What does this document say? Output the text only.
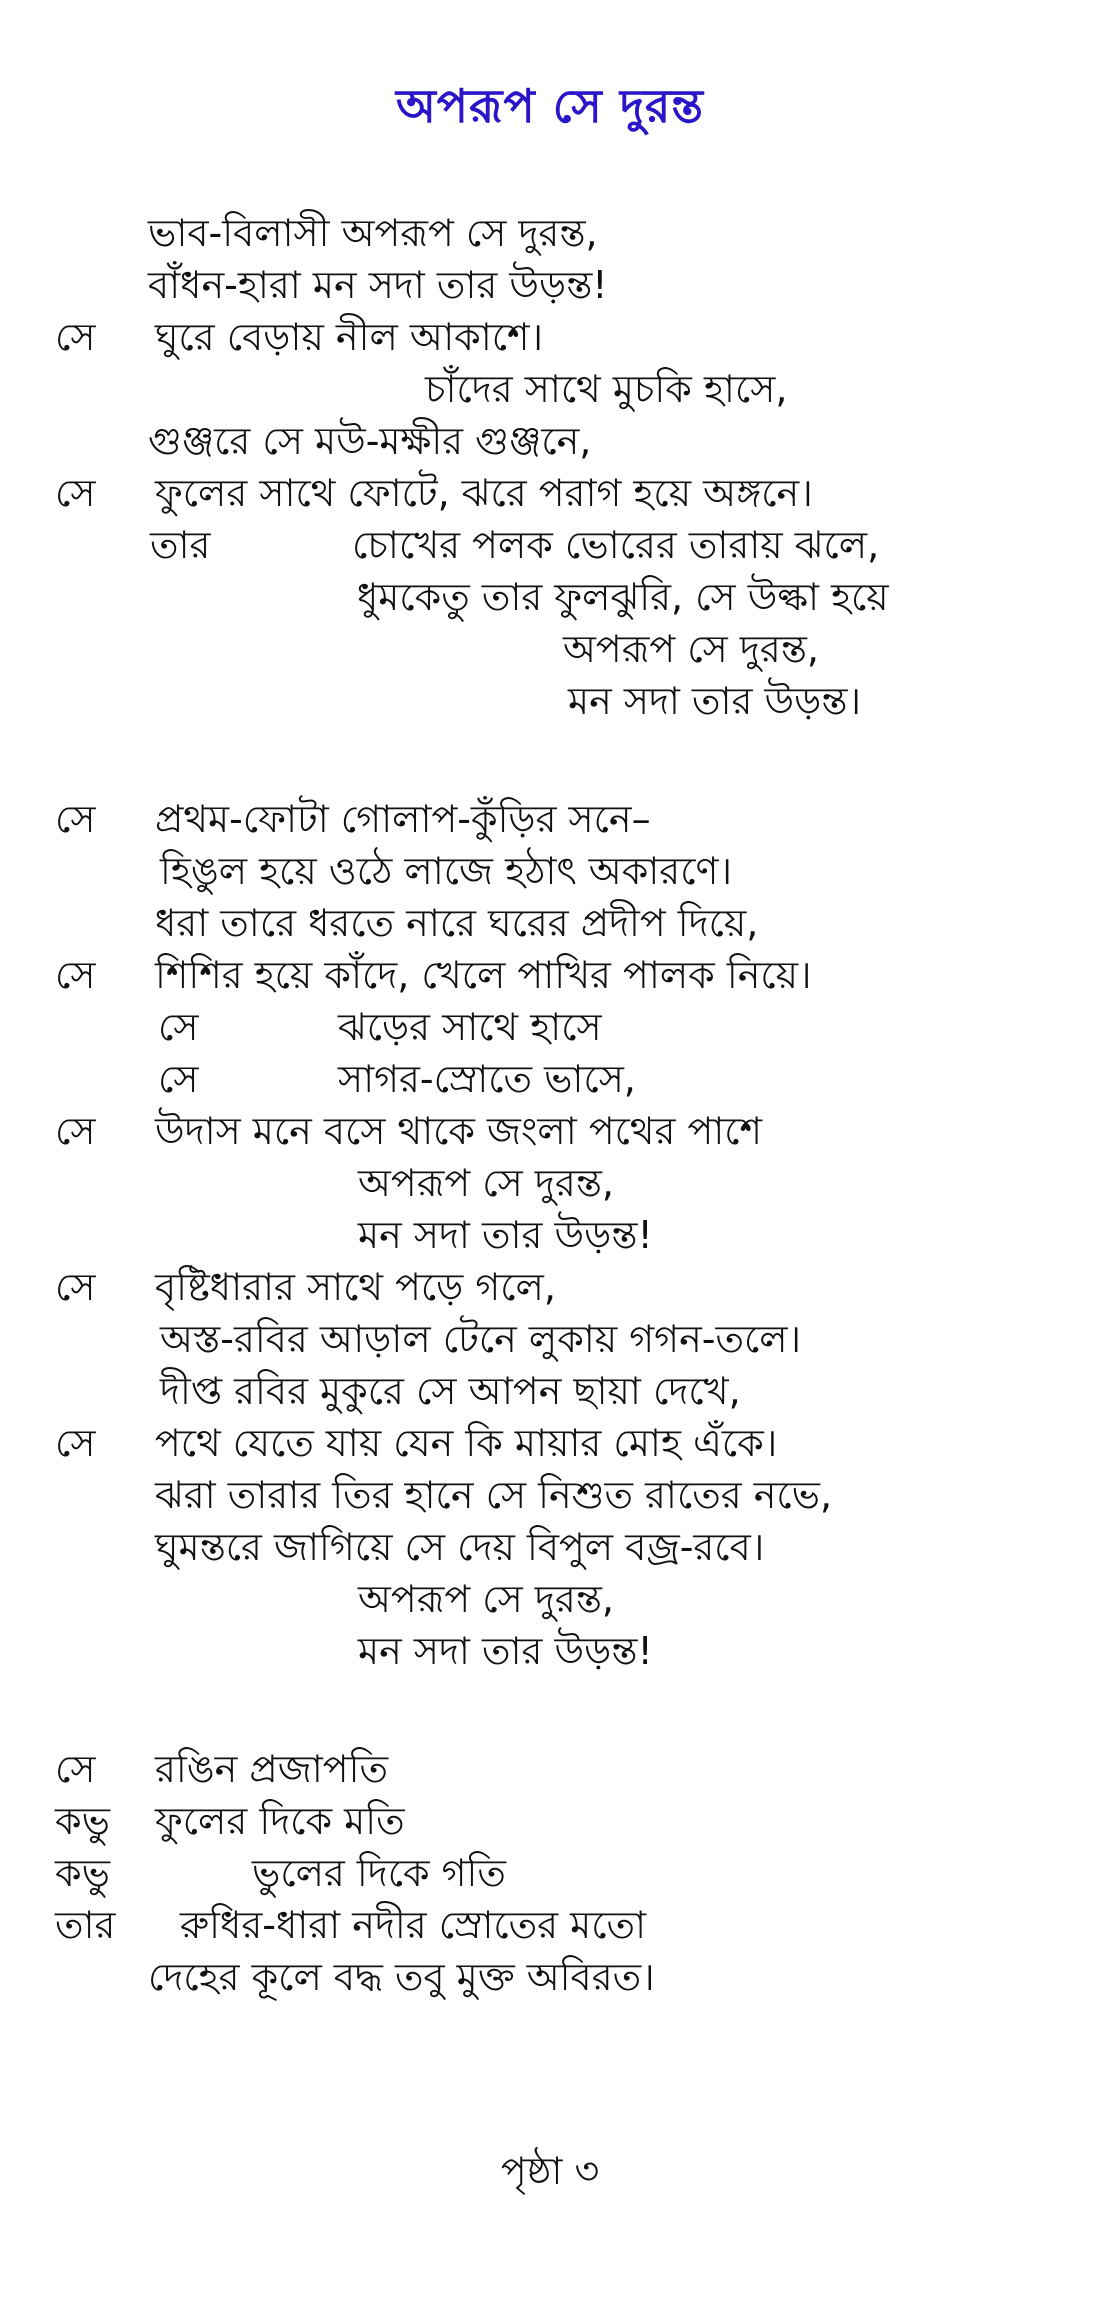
অপরূপ সে দুরন্ত
ভাব-বিলাসী অপরূপ সে দুরন্ত,
বাঁধন-হারা মন সদা তার উড়ন্ত!
সে ঘুরে বেড়ায় নীল আকাশে।
চাঁদের সাথে মুচকি হাসে,
গুঞ্জরে সে মউ-মক্ষীর গুঞ্জনে,
সে ফুলের সাথে ফোটে, ঝরে পরাগ হয়ে অঙ্গনে।
তার	চোখের পলক ভোরের তারায় ঝলে,
ধুমকেতু তার ফুলঝুরি, সে উল্কা হয়ে
অপরূপ সে দুরন্ত,
মন সদা তার উড়ন্ত।
সে প্রথম-ফোটা গোলাপ-কুঁড়ির সনে–
হিঙুল হয়ে ওঠে লাজে হঠাৎ অকারণে।
ধরা তারে ধরতে নারে ঘরের প্রদীপ দিয়ে,
সে শিশির হয়ে কাঁদে, খেলে পাখির পালক নিয়ে।
সে	ঝড়ের সাথে হাসে
সে	সাগর-স্রোতে ভাসে,
সে উদাস মনে বসে থাকে জংলা পথের পাশে
অপরূপ সে দুরন্ত,
মন সদা তার উড়ন্ত!
সে বৃষ্টিধারার সাথে পড়ে গলে,
অস্ত-রবির আড়াল টেনে লুকায় গগন-তলে।
দীপ্ত রবির মুকুরে সে আপন ছায়া দেখে,
সে পথে যেতে যায় যেন কি মায়ার মোহ এঁকে।
ঝরা তারার তির হানে সে নিশুত রাতের নভে,
ঘুমন্তরে জাগিয়ে সে দেয় বিপুল বজ্র-রবে।
অপরূপ সে দুরন্ত,
মন সদা তার উড়ন্ত!
সে রঙিন প্রজাপতি
কভু ফুলের দিকে মতি
কভু	ভুলের দিকে গতি
তার রুধির-ধারা নদীর স্রোতের মতো
দেহের কূলে বদ্ধ তবু মুক্ত অবিরত।
পৃষ্ঠা ৩
